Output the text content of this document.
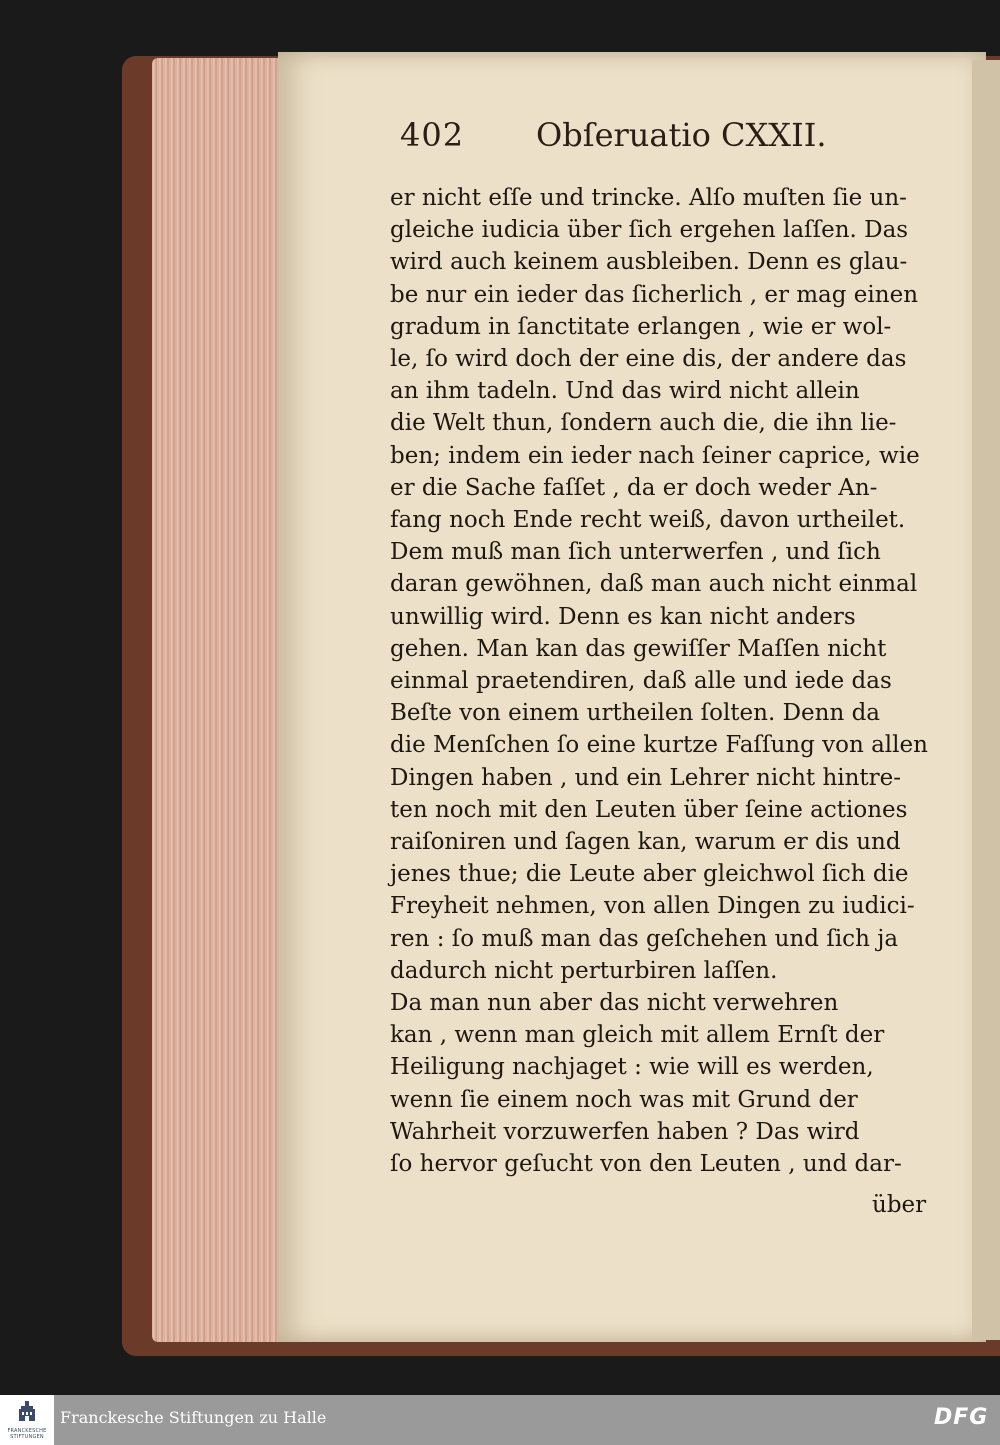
402 Obſeruatio CXXII.
er nicht eſſe und trincke. Alſo muſten ſie un-
gleiche iudicia über ſich ergehen laſſen. Das
wird auch keinem ausbleiben. Denn es glau-
be nur ein ieder das ſicherlich , er mag einen
gradum in ſanctitate erlangen , wie er wol-
le, ſo wird doch der eine dis, der andere das
an ihm tadeln. Und das wird nicht allein
die Welt thun, ſondern auch die, die ihn lie-
ben; indem ein ieder nach ſeiner caprice, wie
er die Sache faſſet , da er doch weder An-
fang noch Ende recht weiß, davon urtheilet.
Dem muß man ſich unterwerfen , und ſich
daran gewöhnen, daß man auch nicht einmal
unwillig wird. Denn es kan nicht anders
gehen. Man kan das gewiſſer Maſſen nicht
einmal praetendiren, daß alle und iede das
Beſte von einem urtheilen ſolten. Denn da
die Menſchen ſo eine kurtze Faſſung von allen
Dingen haben , und ein Lehrer nicht hintre-
ten noch mit den Leuten über ſeine actiones
raiſoniren und ſagen kan, warum er dis und
jenes thue; die Leute aber gleichwol ſich die
Freyheit nehmen, von allen Dingen zu iudici-
ren : ſo muß man das geſchehen und ſich ja
dadurch nicht perturbiren laſſen.
Da man nun aber das nicht verwehren
kan , wenn man gleich mit allem Ernſt der
Heiligung nachjaget : wie will es werden,
wenn ſie einem noch was mit Grund der
Wahrheit vorzuwerfen haben ? Das wird
ſo hervor geſucht von den Leuten , und dar-
über
FRANCKESCHE STIFTUNGEN
Franckesche Stiftungen zu Halle	DFG
